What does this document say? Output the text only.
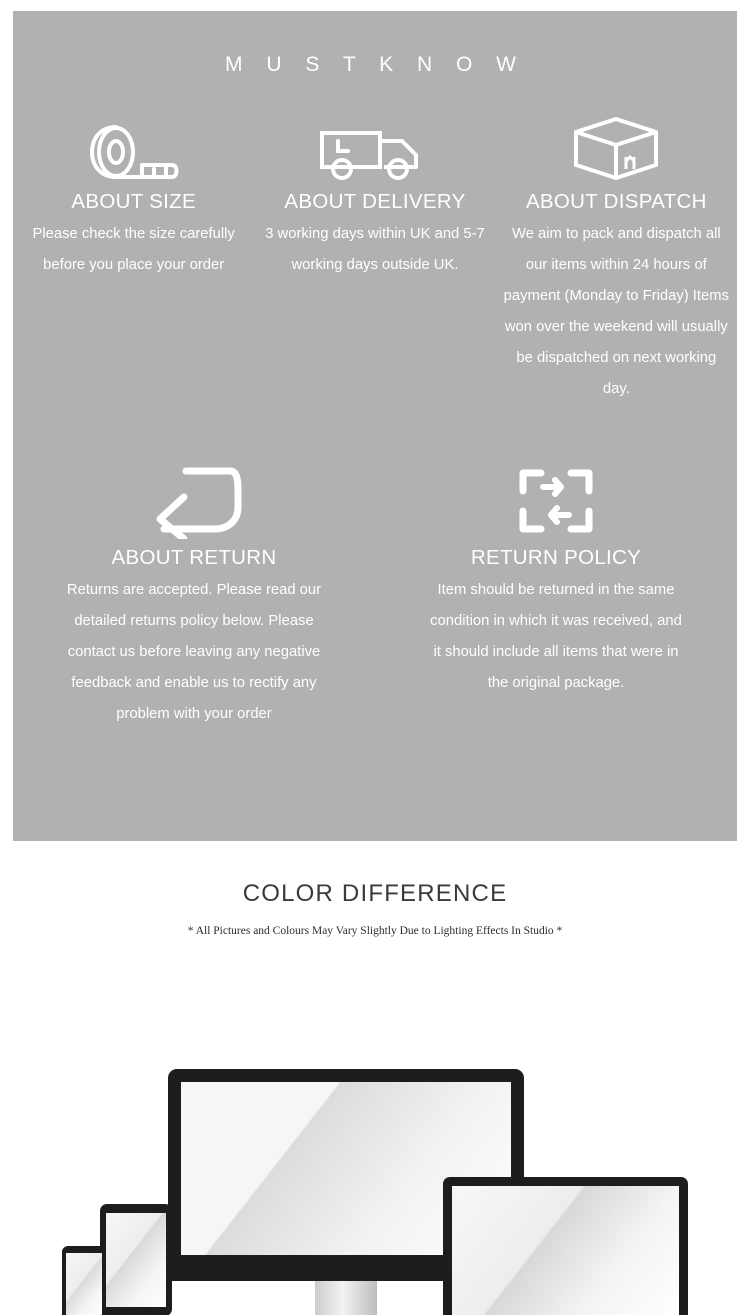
M U S T K N O W
ABOUT SIZE
Please check the size carefully before you place your order
ABOUT DELIVERY
3 working days within UK and 5-7 working days outside UK.
ABOUT DISPATCH
We aim to pack and dispatch all our items within 24 hours of payment (Monday to Friday) Items won over the weekend will usually be dispatched on next working day.
ABOUT RETURN
Returns are accepted. Please read our detailed returns policy below. Please contact us before leaving any negative feedback and enable us to rectify any problem with your order
RETURN POLICY
Item should be returned in the same condition in which it was received, and it should include all items that were in the original package.
COLOR DIFFERENCE
* All Pictures and Colours May Vary Slightly Due to Lighting Effects In Studio *
